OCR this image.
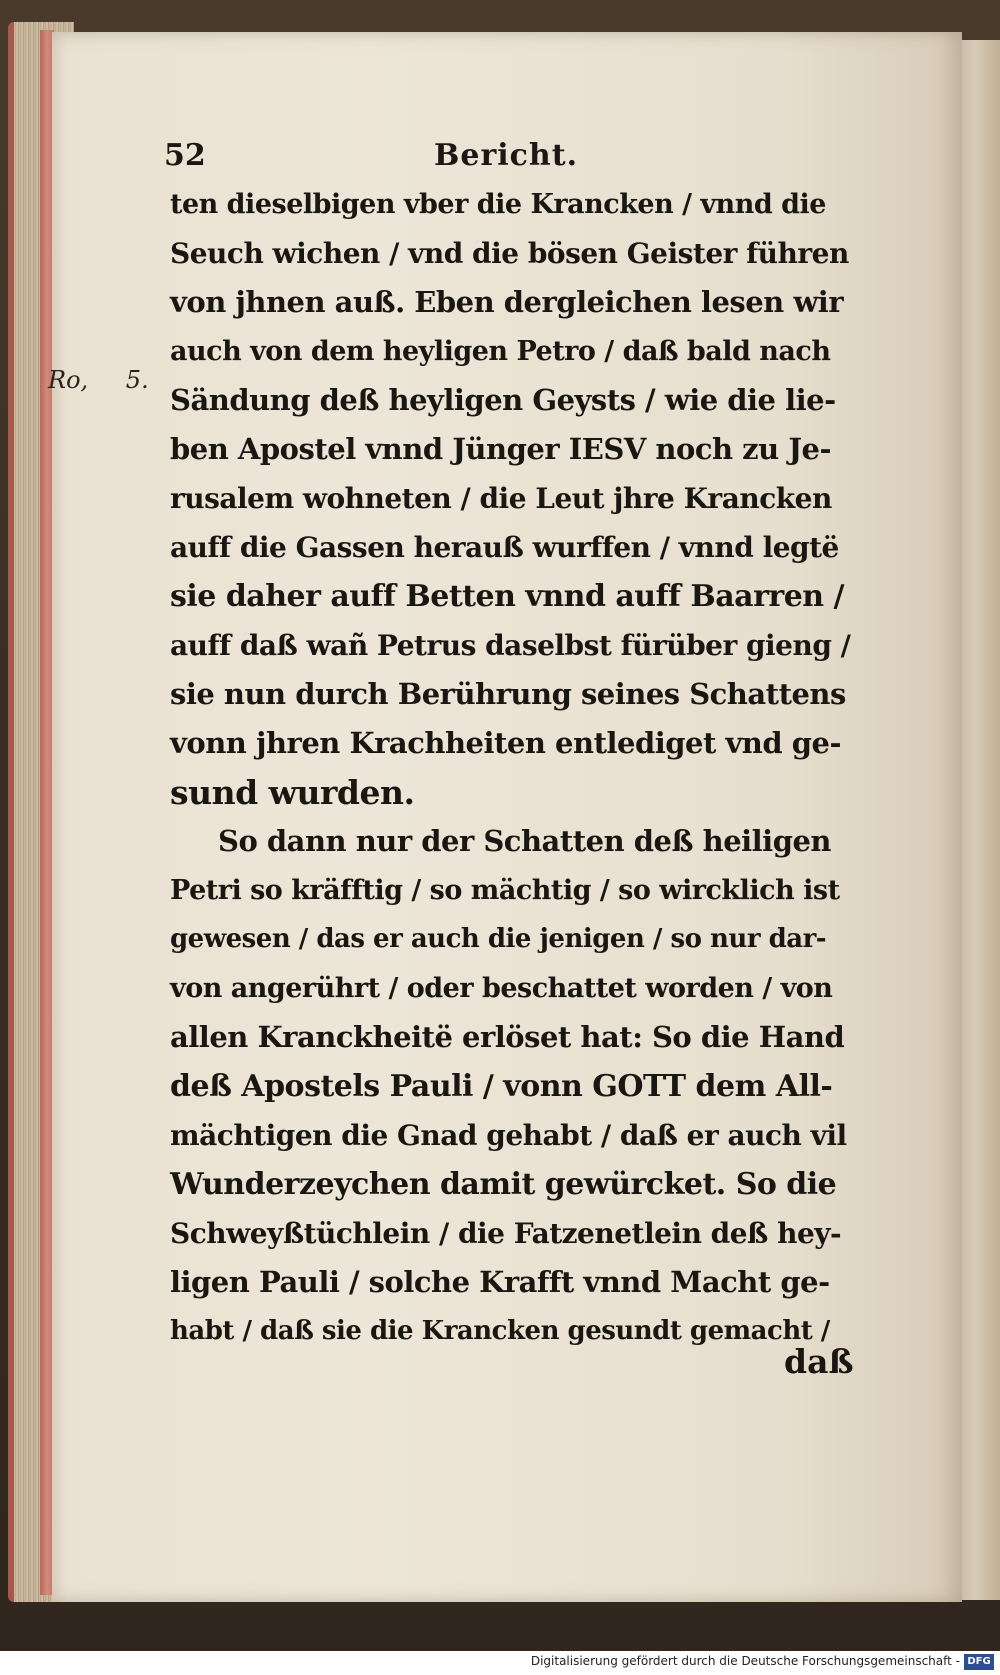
52	Bericht.
Ro, 5.
ten dieselbigen vber die Krancken / vnnd die
Seuch wichen / vnd die bösen Geister führen
von jhnen auß. Eben dergleichen lesen wir
auch von dem heyligen Petro / daß bald nach
Sändung deß heyligen Geysts / wie die lie-
ben Apostel vnnd Jünger IESV noch zu Je-
rusalem wohneten / die Leut jhre Krancken
auff die Gassen herauß wurffen / vnnd legtë
sie daher auff Betten vnnd auff Baarren /
auff daß wañ Petrus daselbst fürüber gieng /
sie nun durch Berührung seines Schattens
vonn jhren Krachheiten entlediget vnd ge-
sund wurden.
So dann nur der Schatten deß heiligen
Petri so kräfftig / so mächtig / so wircklich ist
gewesen / das er auch die jenigen / so nur dar-
von angerührt / oder beschattet worden / von
allen Kranckheitë erlöset hat: So die Hand
deß Apostels Pauli / vonn GOTT dem All-
mächtigen die Gnad gehabt / daß er auch vil
Wunderzeychen damit gewürcket. So die
Schweyßtüchlein / die Fatzenetlein deß hey-
ligen Pauli / solche Krafft vnnd Macht ge-
habt / daß sie die Krancken gesundt gemacht /
daß
Digitalisierung gefördert durch die Deutsche Forschungsgemeinschaft - DFG
